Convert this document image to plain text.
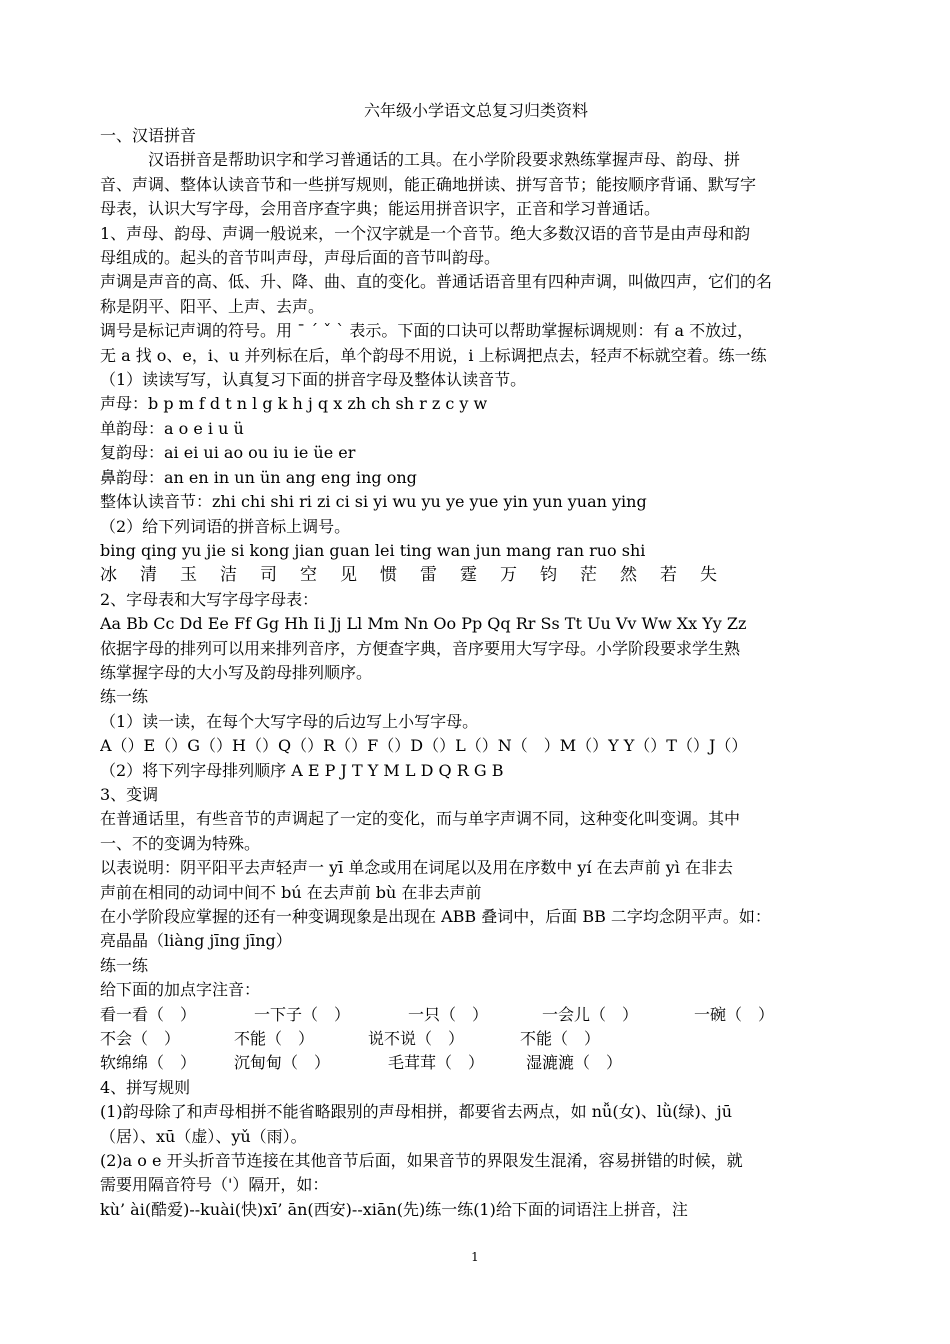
六年级小学语文总复习归类资料
一、汉语拼音
汉语拼音是帮助识字和学习普通话的工具。在小学阶段要求熟练掌握声母、韵母、拼
音、声调、整体认读音节和一些拼写规则，能正确地拼读、拼写音节；能按顺序背诵、默写字
母表，认识大写字母，会用音序查字典；能运用拼音识字，正音和学习普通话。
1、声母、韵母、声调一般说来，一个汉字就是一个音节。绝大多数汉语的音节是由声母和韵
母组成的。起头的音节叫声母，声母后面的音节叫韵母。
声调是声音的高、低、升、降、曲、直的变化。普通话语音里有四种声调，叫做四声，它们的名
称是阴平、阳平、上声、去声。
调号是标记声调的符号。用 ˉ ˊ ˇ ˋ 表示。下面的口诀可以帮助掌握标调规则：有 a 不放过，
无 a 找 o、e，i、u 并列标在后，单个韵母不用说，i 上标调把点去，轻声不标就空着。练一练
（1）读读写写，认真复习下面的拼音字母及整体认读音节。
声母：b p m f d t n l g k h j q x zh ch sh r z c y w
单韵母：a o e i u ü
复韵母：ai ei ui ao ou iu ie üe er
鼻韵母：an en in un ün ang eng ing ong
整体认读音节：zhi chi shi ri zi ci si yi wu yu ye yue yin yun yuan ying
（2）给下列词语的拼音标上调号。
bing qing yu jie si kong jian guan lei ting wan jun mang ran ruo shi
冰	清	玉	洁	司	空	见	惯	雷	霆	万	钧	茫	然	若	失
2、字母表和大写字母字母表：
Aa Bb Cc Dd Ee Ff Gg Hh Ii Jj Ll Mm Nn Oo Pp Qq Rr Ss Tt Uu Vv Ww Xx Yy Zz
依据字母的排列可以用来排列音序，方便查字典，音序要用大写字母。小学阶段要求学生熟
练掌握字母的大小写及韵母排列顺序。
练一练
（1）读一读，在每个大写字母的后边写上小写字母。
A（）E（）G（）H（）Q（）R（）F（）D（）L（）N（　）M（）Y Y（）T（）J（）
（2）将下列字母排列顺序 A E P J T Y M L D Q R G B
3、变调
在普通话里，有些音节的声调起了一定的变化，而与单字声调不同，这种变化叫变调。其中
一、不的变调为特殊。
以表说明：阴平阳平去声轻声一 yī 单念或用在词尾以及用在序数中 yí 在去声前 yì 在非去
声前在相同的动词中间不 bú 在去声前 bù 在非去声前
在小学阶段应掌握的还有一种变调现象是出现在 ABB 叠词中，后面 BB 二字均念阴平声。如：
亮晶晶（liàng jīng jīng）
练一练
给下面的加点字注音：
看一看（　）	一下子（　）	一只（　）	一会儿（　）	一碗（　）
不会（　）	不能（　）	说不说（　）	不能（　）
软绵绵（　）	沉甸甸（　）	毛茸茸（　）	湿漉漉（　）
4、拼写规则
(1)韵母除了和声母相拼不能省略跟别的声母相拼，都要省去两点，如 nǚ(女)、lǜ(绿)、jū
（居）、xū（虚）、yǔ（雨）。
(2)a o e 开头折音节连接在其他音节后面，如果音节的界限发生混淆，容易拼错的时候，就
需要用隔音符号（'）隔开，如：
kù’ ài(酷爱)--kuài(快)xī’ ān(西安)--xiān(先)练一练(1)给下面的词语注上拼音，注
1
